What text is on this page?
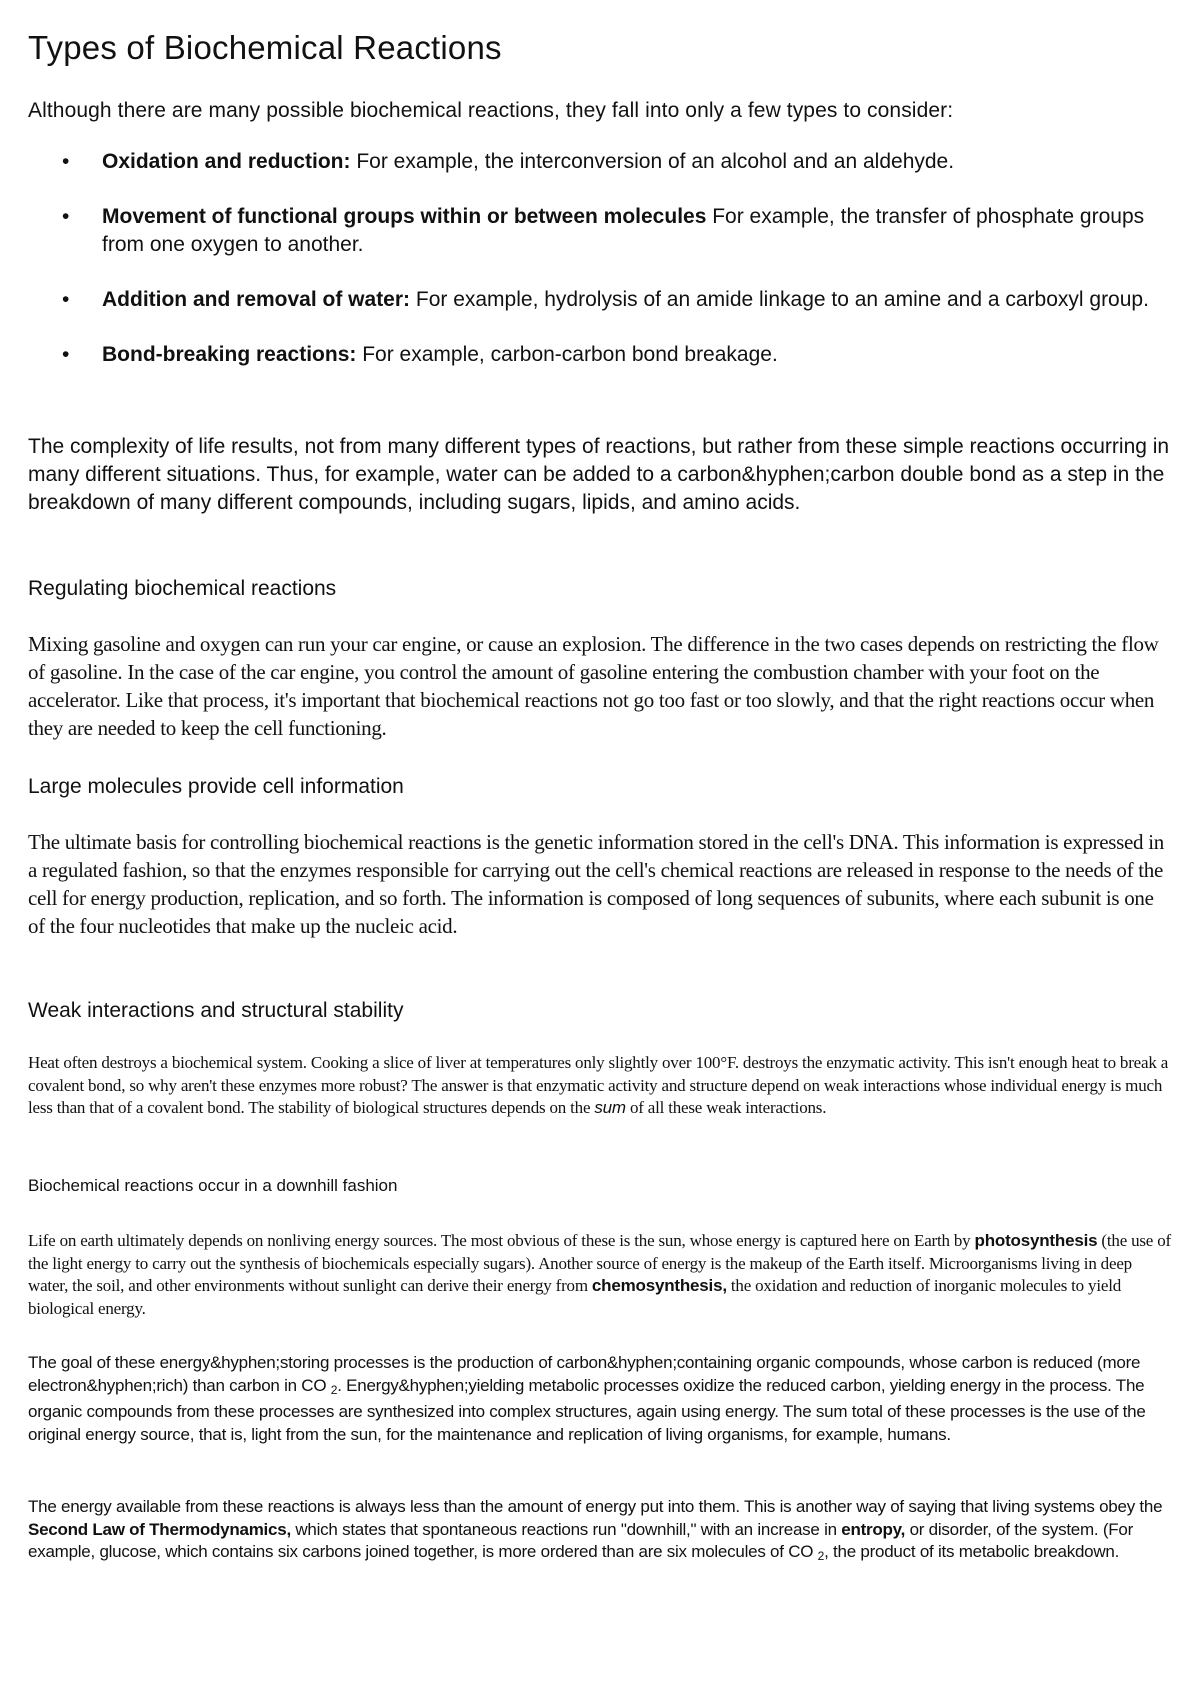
Types of Biochemical Reactions
Although there are many possible biochemical reactions, they fall into only a few types to consider:
• Oxidation and reduction: For example, the interconversion of an alcohol and an aldehyde.
• Movement of functional groups within or between molecules For example, the transfer of phosphate groups from one oxygen to another.
• Addition and removal of water: For example, hydrolysis of an amide linkage to an amine and a carboxyl group.
• Bond-breaking reactions: For example, carbon-carbon bond breakage.
The complexity of life results, not from many different types of reactions, but rather from these simple reactions occurring in many different situations. Thus, for example, water can be added to a carbon&hyphen;carbon double bond as a step in the breakdown of many different compounds, including sugars, lipids, and amino acids.
Regulating biochemical reactions
Mixing gasoline and oxygen can run your car engine, or cause an explosion. The difference in the two cases depends on restricting the flow of gasoline. In the case of the car engine, you control the amount of gasoline entering the combustion chamber with your foot on the accelerator. Like that process, it's important that biochemical reactions not go too fast or too slowly, and that the right reactions occur when they are needed to keep the cell functioning.
Large molecules provide cell information
The ultimate basis for controlling biochemical reactions is the genetic information stored in the cell's DNA. This information is expressed in a regulated fashion, so that the enzymes responsible for carrying out the cell's chemical reactions are released in response to the needs of the cell for energy production, replication, and so forth. The information is composed of long sequences of subunits, where each subunit is one of the four nucleotides that make up the nucleic acid.
Weak interactions and structural stability
Heat often destroys a biochemical system. Cooking a slice of liver at temperatures only slightly over 100°F. destroys the enzymatic activity. This isn't enough heat to break a covalent bond, so why aren't these enzymes more robust? The answer is that enzymatic activity and structure depend on weak interactions whose individual energy is much less than that of a covalent bond. The stability of biological structures depends on the sum of all these weak interactions.
Biochemical reactions occur in a downhill fashion
Life on earth ultimately depends on nonliving energy sources. The most obvious of these is the sun, whose energy is captured here on Earth by photosynthesis (the use of the light energy to carry out the synthesis of biochemicals especially sugars). Another source of energy is the makeup of the Earth itself. Microorganisms living in deep water, the soil, and other environments without sunlight can derive their energy from chemosynthesis, the oxidation and reduction of inorganic molecules to yield biological energy.
The goal of these energy&hyphen;storing processes is the production of carbon&hyphen;containing organic compounds, whose carbon is reduced (more electron&hyphen;rich) than carbon in CO $_2$. Energy&hyphen;yielding metabolic processes oxidize the reduced carbon, yielding energy in the process. The organic compounds from these processes are synthesized into complex structures, again using energy. The sum total of these processes is the use of the original energy source, that is, light from the sun, for the maintenance and replication of living organisms, for example, humans.
The energy available from these reactions is always less than the amount of energy put into them. This is another way of saying that living systems obey the Second Law of Thermodynamics, which states that spontaneous reactions run "downhill," with an increase in entropy, or disorder, of the system. (For example, glucose, which contains six carbons joined together, is more ordered than are six molecules of CO $_2$, the product of its metabolic breakdown.
